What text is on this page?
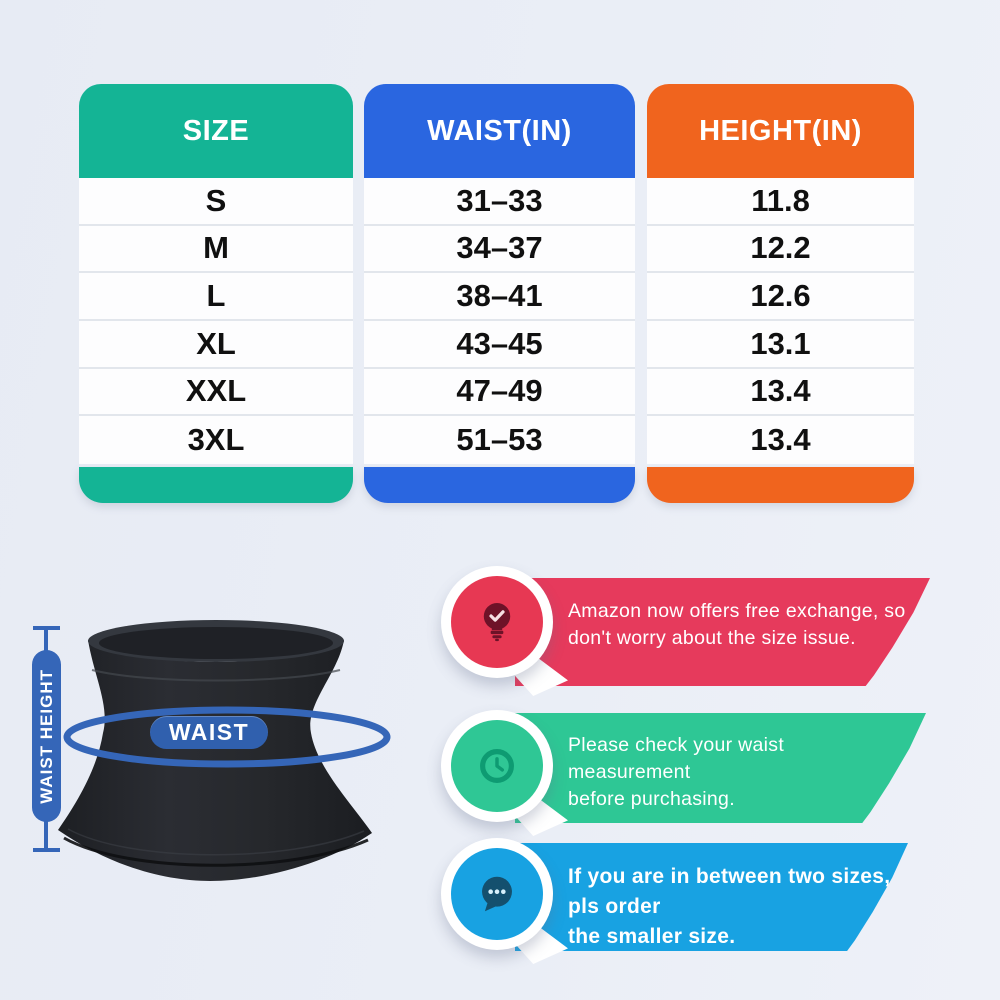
SIZE
S
M
L
XL
XXL
3XL
WAIST(IN)
31–33
34–37
38–41
43–45
47–49
51–53
HEIGHT(IN)
11.8
12.2
12.6
13.1
13.4
13.4
WAIST
WAIST HEIGHT
Amazon now offers free exchange, so
don't worry about the size issue.
Please check your waist measurement
before purchasing.
If you are in between two sizes, pls order
the smaller size.
